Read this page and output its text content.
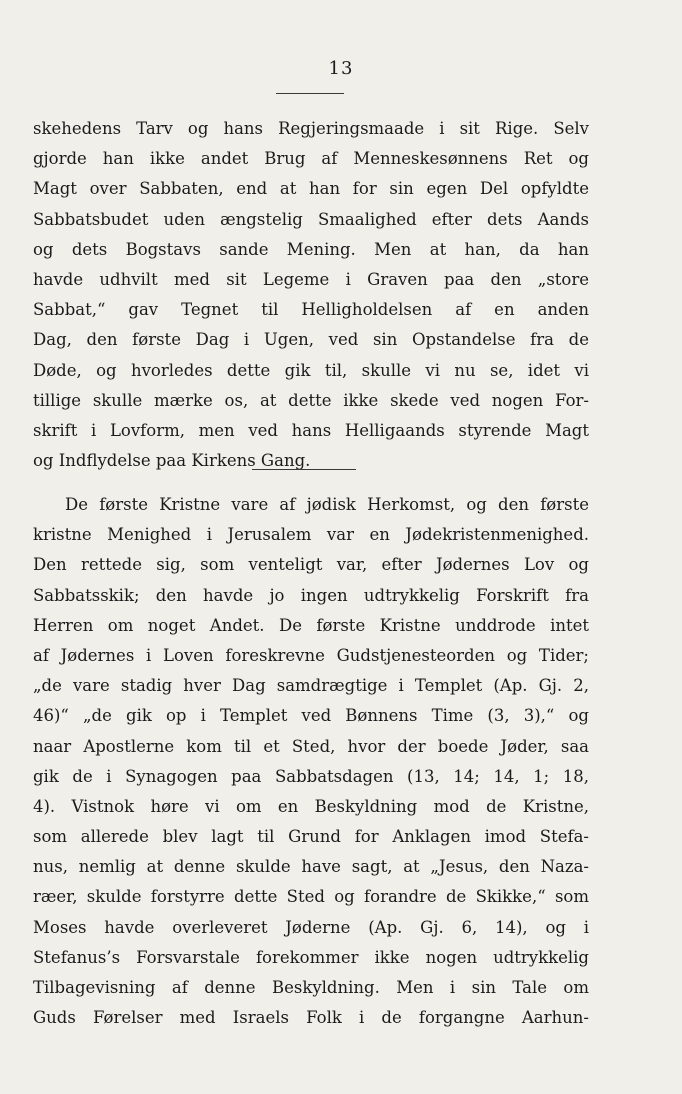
13
skehedens Tarv og hans Regjeringsmaade i sit Rige. Selv
gjorde han ikke andet Brug af Menneskesønnens Ret og
Magt over Sabbaten, end at han for sin egen Del opfyldte
Sabbatsbudet uden ængstelig Smaalighed efter dets Aands
og dets Bogstavs sande Mening. Men at han, da han
havde udhvilt med sit Legeme i Graven paa den „store
Sabbat,“ gav Tegnet til Helligholdelsen af en anden
Dag, den første Dag i Ugen, ved sin Opstandelse fra de
Døde, og hvorledes dette gik til, skulle vi nu se, idet vi
tillige skulle mærke os, at dette ikke skede ved nogen For-
skrift i Lovform, men ved hans Helligaands styrende Magt
og Indflydelse paa Kirkens Gang.
De første Kristne vare af jødisk Herkomst, og den første
kristne Menighed i Jerusalem var en Jødekristenmenighed.
Den rettede sig, som venteligt var, efter Jødernes Lov og
Sabbatsskik; den havde jo ingen udtrykkelig Forskrift fra
Herren om noget Andet. De første Kristne unddrode intet
af Jødernes i Loven foreskrevne Gudstjenesteorden og Tider;
„de vare stadig hver Dag samdrægtige i Templet (Ap. Gj. 2,
46)“ „de gik op i Templet ved Bønnens Time (3, 3),“ og
naar Apostlerne kom til et Sted, hvor der boede Jøder, saa
gik de i Synagogen paa Sabbatsdagen (13, 14; 14, 1; 18,
4). Vistnok høre vi om en Beskyldning mod de Kristne,
som allerede blev lagt til Grund for Anklagen imod Stefa-
nus, nemlig at denne skulde have sagt, at „Jesus, den Naza-
ræer, skulde forstyrre dette Sted og forandre de Skikke,“ som
Moses havde overleveret Jøderne (Ap. Gj. 6, 14), og i
Stefanus’s Forsvarstale forekommer ikke nogen udtrykkelig
Tilbagevisning af denne Beskyldning. Men i sin Tale om
Guds Førelser med Israels Folk i de forgangne Aarhun-
